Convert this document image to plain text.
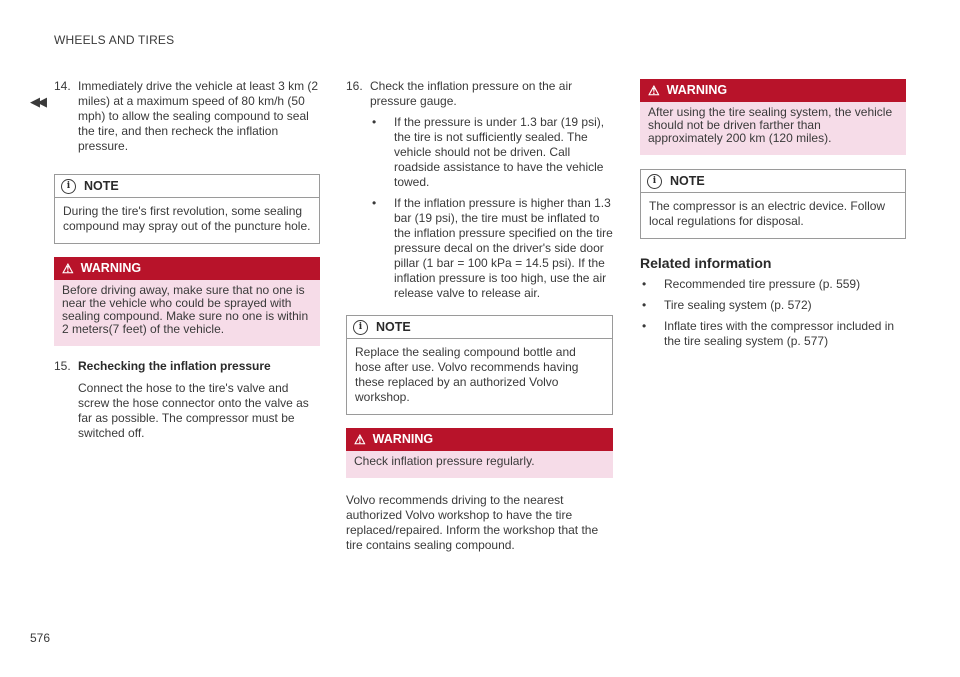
WHEELS AND TIRES
◀◀
14. Immediately drive the vehicle at least 3 km (2 miles) at a maximum speed of 80 km/h (50 mph) to allow the sealing compound to seal the tire, and then recheck the inflation pressure.
i	NOTE
During the tire's first revolution, some sealing compound may spray out of the puncture hole.
⚠ WARNING
Before driving away, make sure that no one is near the vehicle who could be sprayed with sealing compound. Make sure no one is within 2 meters(7 feet) of the vehicle.
15. Rechecking the inflation pressure
Connect the hose to the tire's valve and screw the hose connector onto the valve as far as possible. The compressor must be switched off.
16. Check the inflation pressure on the air pressure gauge.
•	If the pressure is under 1.3 bar (19 psi), the tire is not sufficiently sealed. The vehicle should not be driven. Call roadside assistance to have the vehicle towed.
•	If the inflation pressure is higher than 1.3 bar (19 psi), the tire must be inflated to the inflation pressure specified on the tire pressure decal on the driver's side door pillar (1 bar = 100 kPa = 14.5 psi). If the inflation pressure is too high, use the air release valve to release air.
i	NOTE
Replace the sealing compound bottle and hose after use. Volvo recommends having these replaced by an authorized Volvo workshop.
⚠ WARNING
Check inflation pressure regularly.

Volvo recommends driving to the nearest authorized Volvo workshop to have the tire replaced/repaired. Inform the workshop that the tire contains sealing compound.

⚠ WARNING
After using the tire sealing system, the vehicle should not be driven farther than approximately 200 km (120 miles).
i	NOTE
The compressor is an electric device. Follow local regulations for disposal.
Related information
•	Recommended tire pressure (p. 559)
•	Tire sealing system (p. 572)
•	Inflate tires with the compressor included in the tire sealing system (p. 577)
576
